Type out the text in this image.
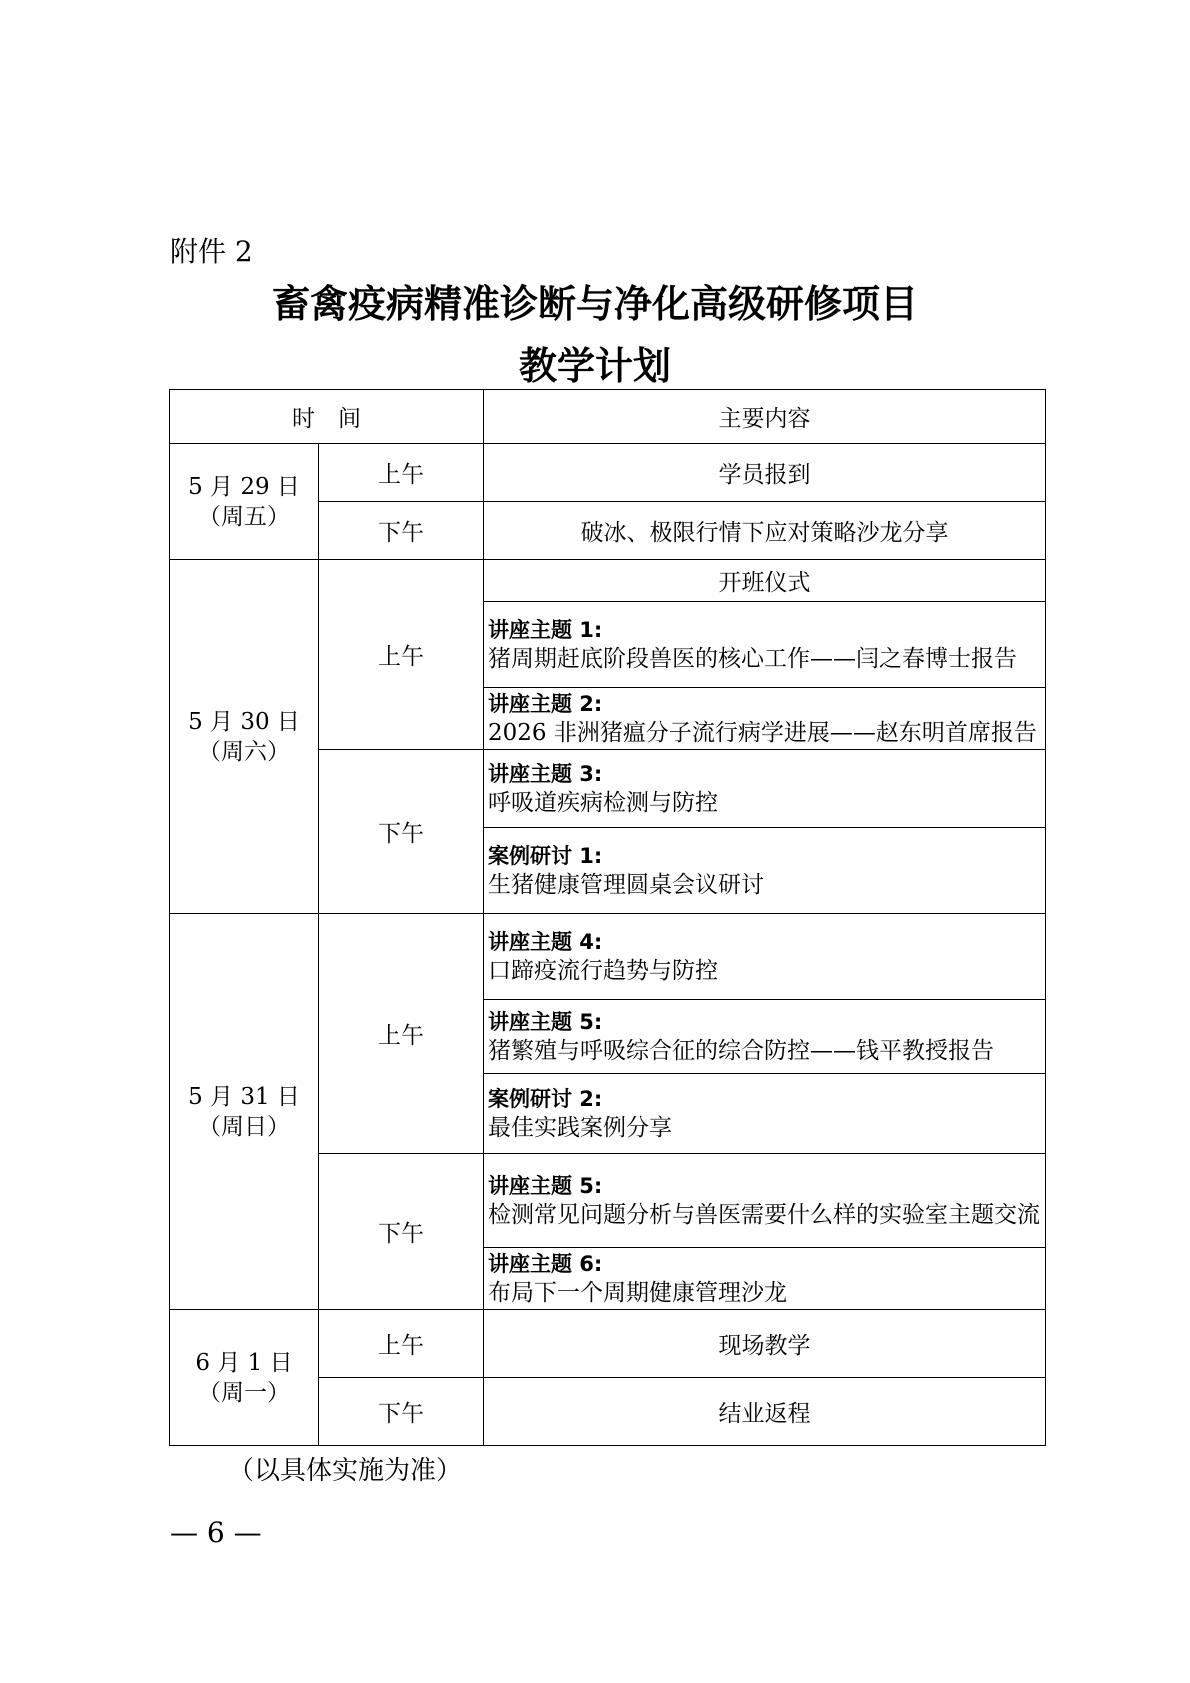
附件 2
畜禽疫病精准诊断与净化高级研修项目
教学计划
时　间		主要内容
5 月 29 日
（周五）	上午	学员报到
	下午	破冰、极限行情下应对策略沙龙分享
5 月 30 日
（周六）	上午	开班仪式

		讲座主题 1:
猪周期赶底阶段兽医的核心工作——闫之春博士报告

		讲座主题 2:
2026 非洲猪瘟分子流行病学进展——赵东明首席报告

	下午	讲座主题 3:
呼吸道疾病检测与防控

		案例研讨 1:
生猪健康管理圆桌会议研讨

5 月 31 日
（周日）	上午	讲座主题 4:
口蹄疫流行趋势与防控

		讲座主题 5:
猪繁殖与呼吸综合征的综合防控——钱平教授报告

		案例研讨 2:
最佳实践案例分享

	下午	讲座主题 5:
检测常见问题分析与兽医需要什么样的实验室主题交流

		讲座主题 6:
布局下一个周期健康管理沙龙

6 月 1 日
（周一）	上午	现场教学
	下午	结业返程
（以具体实施为准）
— 6 —
